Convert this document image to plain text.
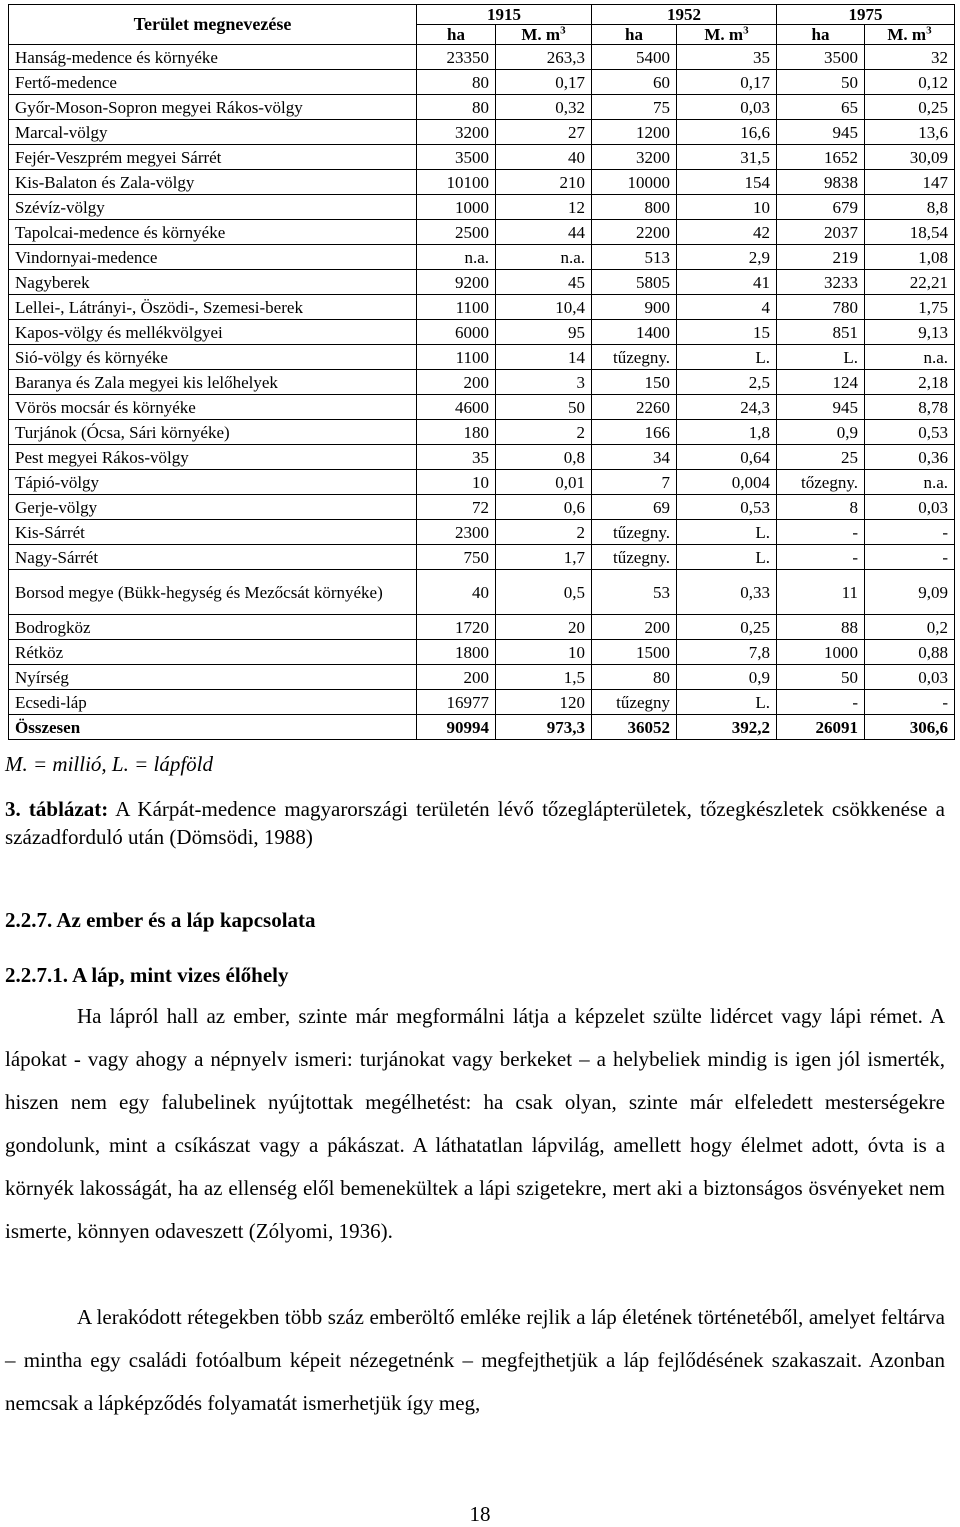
Terület megnevezése	1915		1952		1975	
	ha	M. $m^3$	ha	M. $m^3$	ha	M. $m^3$
Hanság-medence és környéke	23350	263,3	5400	35	3500	32
Fertő-medence	80	0,17	60	0,17	50	0,12
Győr-Moson-Sopron megyei Rákos-völgy	80	0,32	75	0,03	65	0,25
Marcal-völgy	3200	27	1200	16,6	945	13,6
Fejér-Veszprém megyei Sárrét	3500	40	3200	31,5	1652	30,09
Kis-Balaton és Zala-völgy	10100	210	10000	154	9838	147
Szévíz-völgy	1000	12	800	10	679	8,8
Tapolcai-medence és környéke	2500	44	2200	42	2037	18,54
Vindornyai-medence	n.a.	n.a.	513	2,9	219	1,08
Nagyberek	9200	45	5805	41	3233	22,21
Lellei-, Látrányi-, Öszödi-, Szemesi-berek	1100	10,4	900	4	780	1,75
Kapos-völgy és mellékvölgyei	6000	95	1400	15	851	9,13
Sió-völgy és környéke	1100	14	tűzegny.	L.	L.	n.a.
Baranya és Zala megyei kis lelőhelyek	200	3	150	2,5	124	2,18
Vörös mocsár és környéke	4600	50	2260	24,3	945	8,78
Turjánok (Ócsa, Sári környéke)	180	2	166	1,8	0,9	0,53
Pest megyei Rákos-völgy	35	0,8	34	0,64	25	0,36
Tápió-völgy	10	0,01	7	0,004	tőzegny.	n.a.
Gerje-völgy	72	0,6	69	0,53	8	0,03
Kis-Sárrét	2300	2	tűzegny.	L.	-	-
Nagy-Sárrét	750	1,7	tűzegny.	L.	-	-
Borsod megye (Bükk-hegység és Mezőcsát környéke)	40	0,5	53	0,33	11	9,09
Bodrogköz	1720	20	200	0,25	88	0,2
Rétköz	1800	10	1500	7,8	1000	0,88
Nyírség	200	1,5	80	0,9	50	0,03
Ecsedi-láp	16977	120	tűzegny	L.	-	-
Összesen	90994	973,3	36052	392,2	26091	306,6
M. = millió, L. = lápföld
3. táblázat: A Kárpát-medence magyarországi területén lévő tőzeglápterületek, tőzegkészletek csökkenése a századforduló után (Dömsödi, 1988)
2.2.7. Az ember és a láp kapcsolata
2.2.7.1. A láp, mint vizes élőhely

Ha lápról hall az ember, szinte már megformálni látja a képzelet szülte lidércet vagy lápi rémet. A lápokat - vagy ahogy a népnyelv ismeri: turjánokat vagy berkeket – a helybeliek mindig is igen jól ismerték, hiszen nem egy falubelinek nyújtottak megélhetést: ha csak olyan, szinte már elfeledett mesterségekre gondolunk, mint a csíkászat vagy a pákászat. A láthatatlan lápvilág, amellett hogy élelmet adott, óvta is a környék lakosságát, ha az ellenség elől bemenekültek a lápi szigetekre, mert aki a biztonságos ösvényeket nem ismerte, könnyen odaveszett (Zólyomi, 1936).

A lerakódott rétegekben több száz emberöltő emléke rejlik a láp életének történetéből, amelyet feltárva – mintha egy családi fotóalbum képeit nézegetnénk – megfejthetjük a láp fejlődésének szakaszait. Azonban nemcsak a lápképződés folyamatát ismerhetjük így meg,

18
